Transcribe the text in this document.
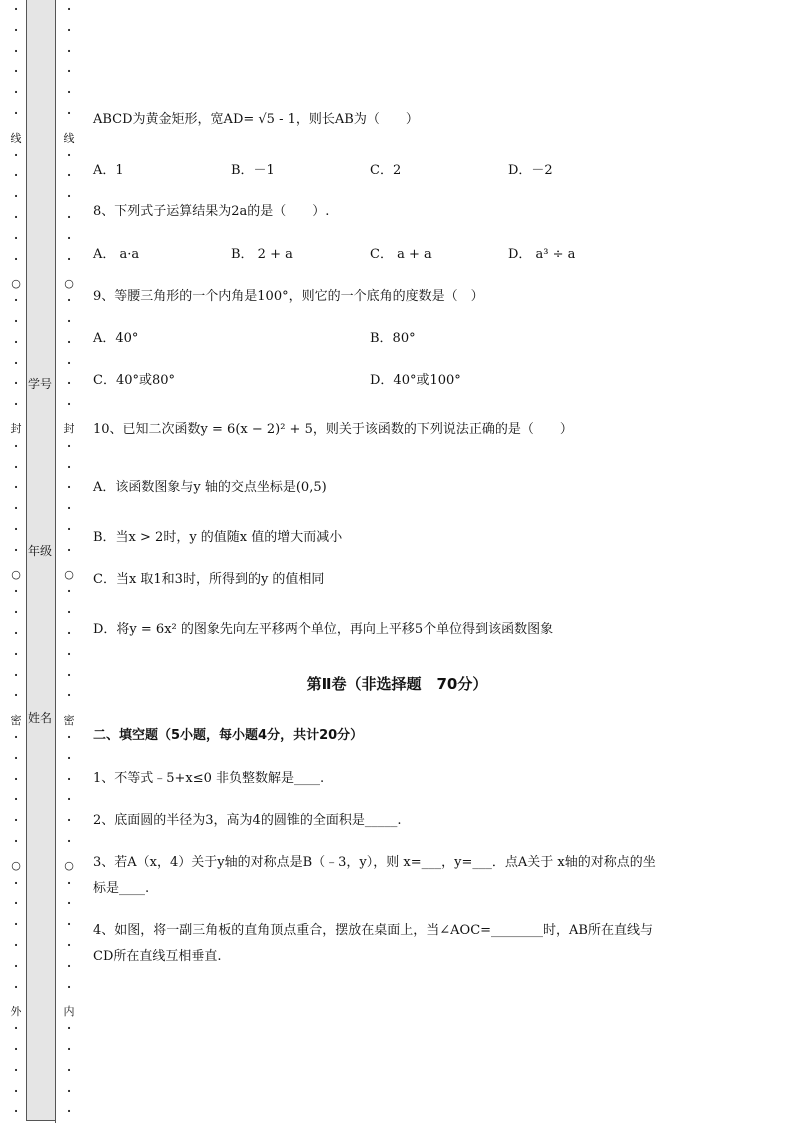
·
·
·
·
·
·
·
·
·
·
·
·
·
·
·
·
·
·
·
·
·
·
·
·
·
·
·
·
·
·
·
·
·
·
·
·
·
·
·
·
·
·
·
·
·
·
·
线
封
密
外
○
○
○
·
·
·
·
·
·
·
·
·
·
·
·
·
·
·
·
·
·
·
·
·
·
·
·
·
·
·
·
·
·
·
·
·
·
·
·
·
·
·
·
·
·
·
·
·
·
·
线
封
密
内
○
○
○
学号
年级
姓名
ABCD为黄金矩形，宽AD= √5 - 1，则长AB为（　　）
A．1	B．－1	C．2	D．－2
8、下列式子运算结果为2a的是（　　）.
A． a·a	B． 2 + a	C． a + a	D． a³ ÷ a
9、等腰三角形的一个内角是100°，则它的一个底角的度数是（　）
A．40°	B．80°
C．40°或80°	D．40°或100°
10、已知二次函数y = 6(x − 2)² + 5，则关于该函数的下列说法正确的是（　　）
A．该函数图象与y 轴的交点坐标是(0,5)
B．当x > 2时，y 的值随x 值的增大而减小
C．当x 取1和3时，所得到的y 的值相同
D．将y = 6x² 的图象先向左平移两个单位，再向上平移5个单位得到该函数图象
第Ⅱ卷（非选择题　70分）
二、填空题（5小题，每小题4分，共计20分）
1、不等式﹣5+x≤0 非负整数解是____.
2、底面圆的半径为3，高为4的圆锥的全面积是_____.
3、若A（x，4）关于y轴的对称点是B（﹣3，y），则 x=___，y=___．点A关于 x轴的对称点的坐
标是____.
4、如图，将一副三角板的直角顶点重合，摆放在桌面上，当∠AOC=________时，AB所在直线与
CD所在直线互相垂直.
